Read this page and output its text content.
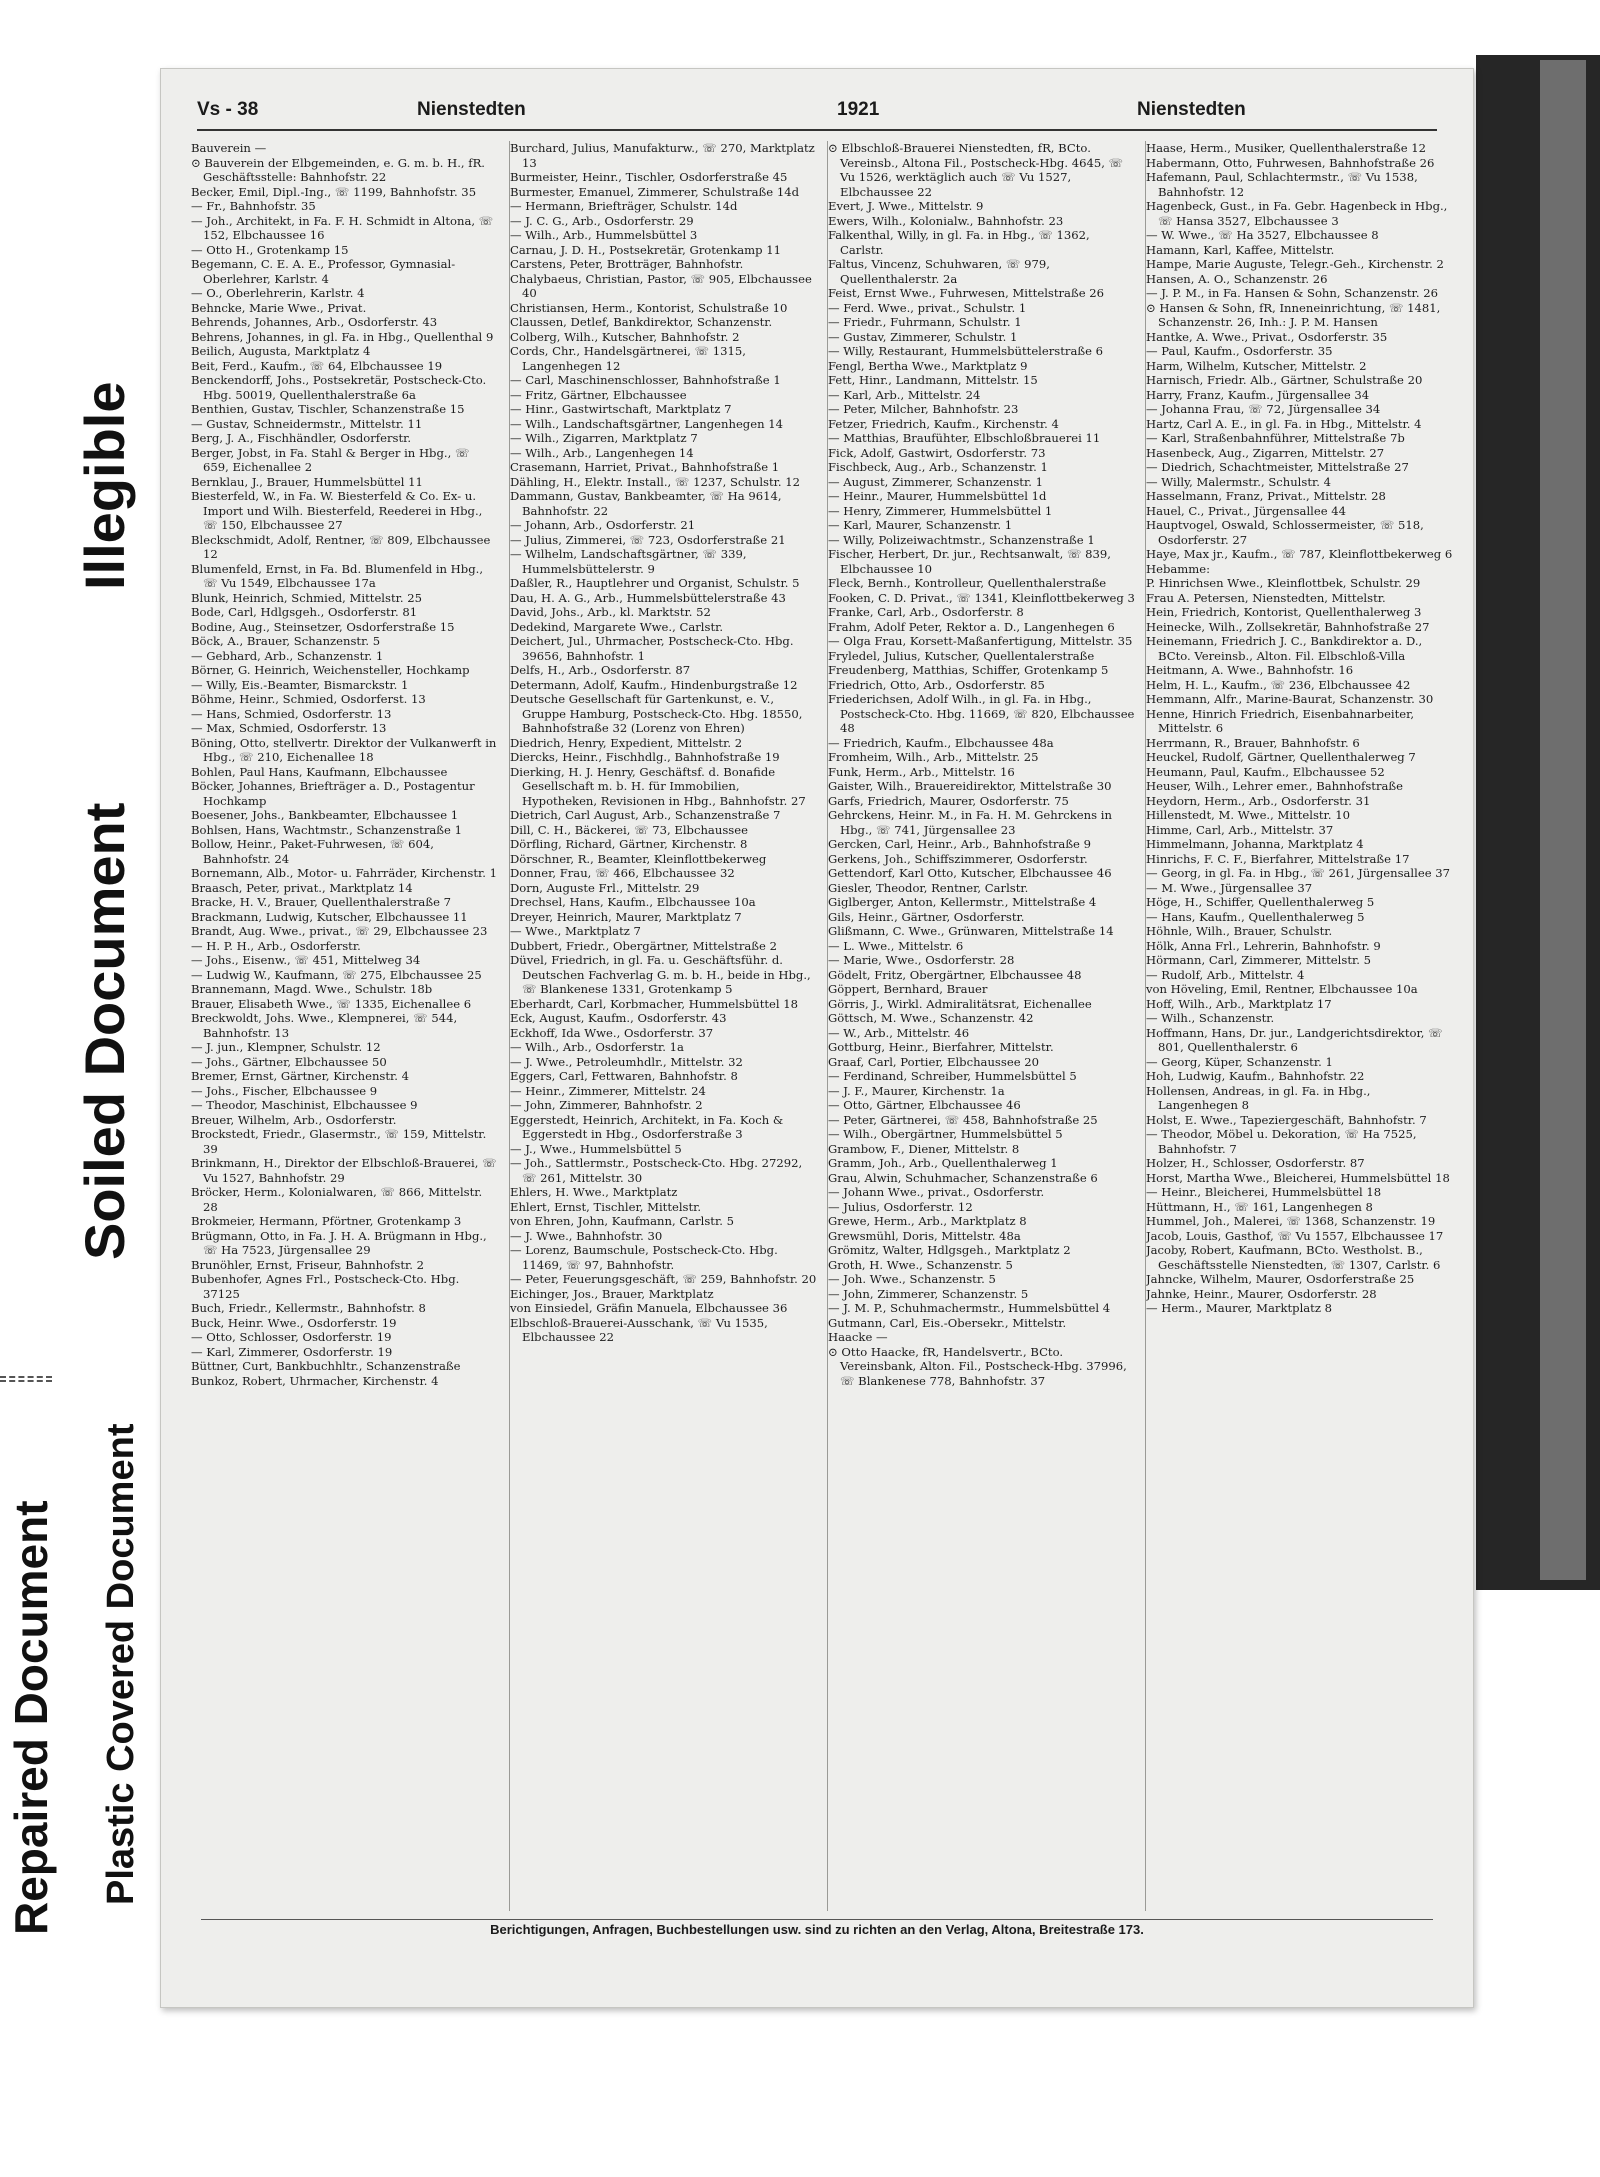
Illegible
Soiled Document
Repaired Document Plastic Covered Document
Vs - 38	Nienstedten	1921	Nienstedten

Bauverein —

⊙ Bauverein der Elbgemeinden, e. G. m. b. H., fR. Geschäftsstelle: Bahnhofstr. 22

Becker, Emil, Dipl.-Ing., ☏ 1199, Bahnhofstr. 35

— Fr., Bahnhofstr. 35

— Joh., Architekt, in Fa. F. H. Schmidt in Altona, ☏ 152, Elbchaussee 16

— Otto H., Grotenkamp 15

Begemann, C. E. A. E., Professor, Gymnasial-Oberlehrer, Karlstr. 4

— O., Oberlehrerin, Karlstr. 4

Behncke, Marie Wwe., Privat.

Behrends, Johannes, Arb., Osdorferstr. 43

Behrens, Johannes, in gl. Fa. in Hbg., Quellenthal 9

Beilich, Augusta, Marktplatz 4

Beit, Ferd., Kaufm., ☏ 64, Elbchaussee 19

Benckendorff, Johs., Postsekretär, Postscheck-Cto. Hbg. 50019, Quellenthalerstraße 6a

Benthien, Gustav, Tischler, Schanzenstraße 15

— Gustav, Schneidermstr., Mittelstr. 11

Berg, J. A., Fischhändler, Osdorferstr.

Berger, Jobst, in Fa. Stahl & Berger in Hbg., ☏ 659, Eichenallee 2

Bernklau, J., Brauer, Hummelsbüttel 11

Biesterfeld, W., in Fa. W. Biesterfeld & Co. Ex- u. Import und Wilh. Biesterfeld, Reederei in Hbg., ☏ 150, Elbchaussee 27

Bleckschmidt, Adolf, Rentner, ☏ 809, Elbchaussee 12

Blumenfeld, Ernst, in Fa. Bd. Blumenfeld in Hbg., ☏ Vu 1549, Elbchaussee 17a

Blunk, Heinrich, Schmied, Mittelstr. 25

Bode, Carl, Hdlgsgeh., Osdorferstr. 81

Bodine, Aug., Steinsetzer, Osdorferstraße 15

Böck, A., Brauer, Schanzenstr. 5

— Gebhard, Arb., Schanzenstr. 1

Börner, G. Heinrich, Weichensteller, Hochkamp

— Willy, Eis.-Beamter, Bismarckstr. 1

Böhme, Heinr., Schmied, Osdorferst. 13

— Hans, Schmied, Osdorferstr. 13

— Max, Schmied, Osdorferstr. 13

Böning, Otto, stellvertr. Direktor der Vulkanwerft in Hbg., ☏ 210, Eichenallee 18

Bohlen, Paul Hans, Kaufmann, Elbchaussee

Böcker, Johannes, Briefträger a. D., Postagentur Hochkamp

Boesener, Johs., Bankbeamter, Elbchaussee 1

Bohlsen, Hans, Wachtmstr., Schanzenstraße 1

Bollow, Heinr., Paket-Fuhrwesen, ☏ 604, Bahnhofstr. 24

Bornemann, Alb., Motor- u. Fahrräder, Kirchenstr. 1

Braasch, Peter, privat., Marktplatz 14

Bracke, H. V., Brauer, Quellenthalerstraße 7

Brackmann, Ludwig, Kutscher, Elbchaussee 11

Brandt, Aug. Wwe., privat., ☏ 29, Elbchaussee 23

— H. P. H., Arb., Osdorferstr.

— Johs., Eisenw., ☏ 451, Mittelweg 34

— Ludwig W., Kaufmann, ☏ 275, Elbchaussee 25

Brannemann, Magd. Wwe., Schulstr. 18b

Brauer, Elisabeth Wwe., ☏ 1335, Eichenallee 6

Breckwoldt, Johs. Wwe., Klempnerei, ☏ 544, Bahnhofstr. 13

— J. jun., Klempner, Schulstr. 12

— Johs., Gärtner, Elbchaussee 50

Bremer, Ernst, Gärtner, Kirchenstr. 4

— Johs., Fischer, Elbchaussee 9

— Theodor, Maschinist, Elbchaussee 9

Breuer, Wilhelm, Arb., Osdorferstr.

Brockstedt, Friedr., Glasermstr., ☏ 159, Mittelstr. 39

Brinkmann, H., Direktor der Elbschloß-Brauerei, ☏ Vu 1527, Bahnhofstr. 29

Bröcker, Herm., Kolonialwaren, ☏ 866, Mittelstr. 28

Brokmeier, Hermann, Pförtner, Grotenkamp 3

Brügmann, Otto, in Fa. J. H. A. Brügmann in Hbg., ☏ Ha 7523, Jürgensallee 29

Brunöhler, Ernst, Friseur, Bahnhofstr. 2

Bubenhofer, Agnes Frl., Postscheck-Cto. Hbg. 37125

Buch, Friedr., Kellermstr., Bahnhofstr. 8

Buck, Heinr. Wwe., Osdorferstr. 19

— Otto, Schlosser, Osdorferstr. 19

— Karl, Zimmerer, Osdorferstr. 19

Büttner, Curt, Bankbuchhltr., Schanzenstraße

Bunkoz, Robert, Uhrmacher, Kirchenstr. 4

Burchard, Julius, Manufakturw., ☏ 270, Marktplatz 13

Burmeister, Heinr., Tischler, Osdorferstraße 45

Burmester, Emanuel, Zimmerer, Schulstraße 14d

— Hermann, Briefträger, Schulstr. 14d

— J. C. G., Arb., Osdorferstr. 29

— Wilh., Arb., Hummelsbüttel 3

Carnau, J. D. H., Postsekretär, Grotenkamp 11

Carstens, Peter, Brotträger, Bahnhofstr.

Chalybaeus, Christian, Pastor, ☏ 905, Elbchaussee 40

Christiansen, Herm., Kontorist, Schulstraße 10

Claussen, Detlef, Bankdirektor, Schanzenstr.

Colberg, Wilh., Kutscher, Bahnhofstr. 2

Cords, Chr., Handelsgärtnerei, ☏ 1315, Langenhegen 12

— Carl, Maschinenschlosser, Bahnhofstraße 1

— Fritz, Gärtner, Elbchaussee

— Hinr., Gastwirtschaft, Marktplatz 7

— Wilh., Landschaftsgärtner, Langenhegen 14

— Wilh., Zigarren, Marktplatz 7

— Wilh., Arb., Langenhegen 14

Crasemann, Harriet, Privat., Bahnhofstraße 1

Dähling, H., Elektr. Install., ☏ 1237, Schulstr. 12

Dammann, Gustav, Bankbeamter, ☏ Ha 9614, Bahnhofstr. 22

— Johann, Arb., Osdorferstr. 21

— Julius, Zimmerei, ☏ 723, Osdorferstraße 21

— Wilhelm, Landschaftsgärtner, ☏ 339, Hummelsbüttelerstr. 9

Daßler, R., Hauptlehrer und Organist, Schulstr. 5

Dau, H. A. G., Arb., Hummelsbüttelerstraße 43

David, Johs., Arb., kl. Marktstr. 52

Dedekind, Margarete Wwe., Carlstr.

Deichert, Jul., Uhrmacher, Postscheck-Cto. Hbg. 39656, Bahnhofstr. 1

Delfs, H., Arb., Osdorferstr. 87

Determann, Adolf, Kaufm., Hindenburgstraße 12

Deutsche Gesellschaft für Gartenkunst, e. V., Gruppe Hamburg, Postscheck-Cto. Hbg. 18550, Bahnhofstraße 32 (Lorenz von Ehren)

Diedrich, Henry, Expedient, Mittelstr. 2

Diercks, Heinr., Fischhdlg., Bahnhofstraße 19

Dierking, H. J. Henry, Geschäftsf. d. Bonafide Gesellschaft m. b. H. für Immobilien, Hypotheken, Revisionen in Hbg., Bahnhofstr. 27

Dietrich, Carl August, Arb., Schanzenstraße 7

Dill, C. H., Bäckerei, ☏ 73, Elbchaussee

Dörfling, Richard, Gärtner, Kirchenstr. 8

Dörschner, R., Beamter, Kleinflottbekerweg

Donner, Frau, ☏ 466, Elbchaussee 32

Dorn, Auguste Frl., Mittelstr. 29

Drechsel, Hans, Kaufm., Elbchaussee 10a

Dreyer, Heinrich, Maurer, Marktplatz 7

— Wwe., Marktplatz 7

Dubbert, Friedr., Obergärtner, Mittelstraße 2

Düvel, Friedrich, in gl. Fa. u. Geschäftsführ. d. Deutschen Fachverlag G. m. b. H., beide in Hbg., ☏ Blankenese 1331, Grotenkamp 5

Eberhardt, Carl, Korbmacher, Hummelsbüttel 18

Eck, August, Kaufm., Osdorferstr. 43

Eckhoff, Ida Wwe., Osdorferstr. 37

— Wilh., Arb., Osdorferstr. 1a

— J. Wwe., Petroleumhdlr., Mittelstr. 32

Eggers, Carl, Fettwaren, Bahnhofstr. 8

— Heinr., Zimmerer, Mittelstr. 24

— John, Zimmerer, Bahnhofstr. 2

Eggerstedt, Heinrich, Architekt, in Fa. Koch & Eggerstedt in Hbg., Osdorferstraße 3

— J., Wwe., Hummelsbüttel 5

— Joh., Sattlermstr., Postscheck-Cto. Hbg. 27292, ☏ 261, Mittelstr. 30

Ehlers, H. Wwe., Marktplatz

Ehlert, Ernst, Tischler, Mittelstr.

von Ehren, John, Kaufmann, Carlstr. 5

— J. Wwe., Bahnhofstr. 30

— Lorenz, Baumschule, Postscheck-Cto. Hbg. 11469, ☏ 97, Bahnhofstr.

— Peter, Feuerungsgeschäft, ☏ 259, Bahnhofstr. 20

Eichinger, Jos., Brauer, Marktplatz

von Einsiedel, Gräfin Manuela, Elbchaussee 36

Elbschloß-Brauerei-Ausschank, ☏ Vu 1535, Elbchaussee 22

⊙ Elbschloß-Brauerei Nienstedten, fR, BCto. Vereinsb., Altona Fil., Postscheck-Hbg. 4645, ☏ Vu 1526, werktäglich auch ☏ Vu 1527, Elbchaussee 22

Evert, J. Wwe., Mittelstr. 9

Ewers, Wilh., Kolonialw., Bahnhofstr. 23

Falkenthal, Willy, in gl. Fa. in Hbg., ☏ 1362, Carlstr.

Faltus, Vincenz, Schuhwaren, ☏ 979, Quellenthalerstr. 2a

Feist, Ernst Wwe., Fuhrwesen, Mittelstraße 26

— Ferd. Wwe., privat., Schulstr. 1

— Friedr., Fuhrmann, Schulstr. 1

— Gustav, Zimmerer, Schulstr. 1

— Willy, Restaurant, Hummelsbüttelerstraße 6

Fengl, Bertha Wwe., Marktplatz 9

Fett, Hinr., Landmann, Mittelstr. 15

— Karl, Arb., Mittelstr. 24

— Peter, Milcher, Bahnhofstr. 23

Fetzer, Friedrich, Kaufm., Kirchenstr. 4

— Matthias, Braufühter, Elbschloßbrauerei 11

Fick, Adolf, Gastwirt, Osdorferstr. 73

Fischbeck, Aug., Arb., Schanzenstr. 1

— August, Zimmerer, Schanzenstr. 1

— Heinr., Maurer, Hummelsbüttel 1d

— Henry, Zimmerer, Hummelsbüttel 1

— Karl, Maurer, Schanzenstr. 1

— Willy, Polizeiwachtmstr., Schanzenstraße 1

Fischer, Herbert, Dr. jur., Rechtsanwalt, ☏ 839, Elbchaussee 10

Fleck, Bernh., Kontrolleur, Quellenthalerstraße

Fooken, C. D. Privat., ☏ 1341, Kleinflottbekerweg 3

Franke, Carl, Arb., Osdorferstr. 8

Frahm, Adolf Peter, Rektor a. D., Langenhegen 6

— Olga Frau, Korsett-Maßanfertigung, Mittelstr. 35

Fryledel, Julius, Kutscher, Quellentalerstraße

Freudenberg, Matthias, Schiffer, Grotenkamp 5

Friedrich, Otto, Arb., Osdorferstr. 85

Friederichsen, Adolf Wilh., in gl. Fa. in Hbg., Postscheck-Cto. Hbg. 11669, ☏ 820, Elbchaussee 48

— Friedrich, Kaufm., Elbchaussee 48a

Fromheim, Wilh., Arb., Mittelstr. 25

Funk, Herm., Arb., Mittelstr. 16

Gaister, Wilh., Brauereidirektor, Mittelstraße 30

Garfs, Friedrich, Maurer, Osdorferstr. 75

Gehrckens, Heinr. M., in Fa. H. M. Gehrckens in Hbg., ☏ 741, Jürgensallee 23

Gercken, Carl, Heinr., Arb., Bahnhofstraße 9

Gerkens, Joh., Schiffszimmerer, Osdorferstr.

Gettendorf, Karl Otto, Kutscher, Elbchaussee 46

Giesler, Theodor, Rentner, Carlstr.

Giglberger, Anton, Kellermstr., Mittelstraße 4

Gils, Heinr., Gärtner, Osdorferstr.

Glißmann, C. Wwe., Grünwaren, Mittelstraße 14

— L. Wwe., Mittelstr. 6

— Marie, Wwe., Osdorferstr. 28

Gödelt, Fritz, Obergärtner, Elbchaussee 48

Göppert, Bernhard, Brauer

Görris, J., Wirkl. Admiralitätsrat, Eichenallee

Göttsch, M. Wwe., Schanzenstr. 42

— W., Arb., Mittelstr. 46

Gottburg, Heinr., Bierfahrer, Mittelstr.

Graaf, Carl, Portier, Elbchaussee 20

— Ferdinand, Schreiber, Hummelsbüttel 5

— J. F., Maurer, Kirchenstr. 1a

— Otto, Gärtner, Elbchaussee 46

— Peter, Gärtnerei, ☏ 458, Bahnhofstraße 25

— Wilh., Obergärtner, Hummelsbüttel 5

Grambow, F., Diener, Mittelstr. 8

Gramm, Joh., Arb., Quellenthalerweg 1

Grau, Alwin, Schuhmacher, Schanzenstraße 6

— Johann Wwe., privat., Osdorferstr.

— Julius, Osdorferstr. 12

Grewe, Herm., Arb., Marktplatz 8

Grewsmühl, Doris, Mittelstr. 48a

Grömitz, Walter, Hdlgsgeh., Marktplatz 2

Groth, H. Wwe., Schanzenstr. 5

— Joh. Wwe., Schanzenstr. 5

— John, Zimmerer, Schanzenstr. 5

— J. M. P., Schuhmachermstr., Hummelsbüttel 4

Gutmann, Carl, Eis.-Obersekr., Mittelstr.

Haacke —

⊙ Otto Haacke, fR, Handelsvertr., BCto. Vereinsbank, Alton. Fil., Postscheck-Hbg. 37996, ☏ Blankenese 778, Bahnhofstr. 37

Haase, Herm., Musiker, Quellenthalerstraße 12

Habermann, Otto, Fuhrwesen, Bahnhofstraße 26

Hafemann, Paul, Schlachtermstr., ☏ Vu 1538, Bahnhofstr. 12

Hagenbeck, Gust., in Fa. Gebr. Hagenbeck in Hbg., ☏ Hansa 3527, Elbchaussee 3

— W. Wwe., ☏ Ha 3527, Elbchaussee 8

Hamann, Karl, Kaffee, Mittelstr.

Hampe, Marie Auguste, Telegr.-Geh., Kirchenstr. 2

Hansen, A. O., Schanzenstr. 26

— J. P. M., in Fa. Hansen & Sohn, Schanzenstr. 26

⊙ Hansen & Sohn, fR, Inneneinrichtung, ☏ 1481, Schanzenstr. 26, Inh.: J. P. M. Hansen

Hantke, A. Wwe., Privat., Osdorferstr. 35

— Paul, Kaufm., Osdorferstr. 35

Harm, Wilhelm, Kutscher, Mittelstr. 2

Harnisch, Friedr. Alb., Gärtner, Schulstraße 20

Harry, Franz, Kaufm., Jürgensallee 34

— Johanna Frau, ☏ 72, Jürgensallee 34

Hartz, Carl A. E., in gl. Fa. in Hbg., Mittelstr. 4

— Karl, Straßenbahnführer, Mittelstraße 7b

Hasenbeck, Aug., Zigarren, Mittelstr. 27

— Diedrich, Schachtmeister, Mittelstraße 27

— Willy, Malermstr., Schulstr. 4

Hasselmann, Franz, Privat., Mittelstr. 28

Hauel, C., Privat., Jürgensallee 44

Hauptvogel, Oswald, Schlossermeister, ☏ 518, Osdorferstr. 27

Haye, Max jr., Kaufm., ☏ 787, Kleinflottbekerweg 6

Hebamme:

P. Hinrichsen Wwe., Kleinflottbek, Schulstr. 29

Frau A. Petersen, Nienstedten, Mittelstr.

Hein, Friedrich, Kontorist, Quellenthalerweg 3

Heinecke, Wilh., Zollsekretär, Bahnhofstraße 27

Heinemann, Friedrich J. C., Bankdirektor a. D., BCto. Vereinsb., Alton. Fil. Elbschloß-Villa

Heitmann, A. Wwe., Bahnhofstr. 16

Helm, H. L., Kaufm., ☏ 236, Elbchaussee 42

Hemmann, Alfr., Marine-Baurat, Schanzenstr. 30

Henne, Hinrich Friedrich, Eisenbahnarbeiter, Mittelstr. 6

Herrmann, R., Brauer, Bahnhofstr. 6

Heuckel, Rudolf, Gärtner, Quellenthalerweg 7

Heumann, Paul, Kaufm., Elbchaussee 52

Heuser, Wilh., Lehrer emer., Bahnhofstraße

Heydorn, Herm., Arb., Osdorferstr. 31

Hillenstedt, M. Wwe., Mittelstr. 10

Himme, Carl, Arb., Mittelstr. 37

Himmelmann, Johanna, Marktplatz 4

Hinrichs, F. C. F., Bierfahrer, Mittelstraße 17

— Georg, in gl. Fa. in Hbg., ☏ 261, Jürgensallee 37

— M. Wwe., Jürgensallee 37

Höge, H., Schiffer, Quellenthalerweg 5

— Hans, Kaufm., Quellenthalerweg 5

Höhnle, Wilh., Brauer, Schulstr.

Hölk, Anna Frl., Lehrerin, Bahnhofstr. 9

Hörmann, Carl, Zimmerer, Mittelstr. 5

— Rudolf, Arb., Mittelstr. 4

von Höveling, Emil, Rentner, Elbchaussee 10a

Hoff, Wilh., Arb., Marktplatz 17

— Wilh., Schanzenstr.

Hoffmann, Hans, Dr. jur., Landgerichtsdirektor, ☏ 801, Quellenthalerstr. 6

— Georg, Küper, Schanzenstr. 1

Hoh, Ludwig, Kaufm., Bahnhofstr. 22

Hollensen, Andreas, in gl. Fa. in Hbg., Langenhegen 8

Holst, E. Wwe., Tapeziergeschäft, Bahnhofstr. 7

— Theodor, Möbel u. Dekoration, ☏ Ha 7525, Bahnhofstr. 7

Holzer, H., Schlosser, Osdorferstr. 87

Horst, Martha Wwe., Bleicherei, Hummelsbüttel 18

— Heinr., Bleicherei, Hummelsbüttel 18

Hüttmann, H., ☏ 161, Langenhegen 8

Hummel, Joh., Malerei, ☏ 1368, Schanzenstr. 19

Jacob, Louis, Gasthof, ☏ Vu 1557, Elbchaussee 17

Jacoby, Robert, Kaufmann, BCto. Westholst. B., Geschäftsstelle Nienstedten, ☏ 1307, Carlstr. 6

Jahncke, Wilhelm, Maurer, Osdorferstraße 25

Jahnke, Heinr., Maurer, Osdorferstr. 28

— Herm., Maurer, Marktplatz 8

Berichtigungen, Anfragen, Buchbestellungen usw. sind zu richten an den Verlag, Altona, Breitestraße 173.
